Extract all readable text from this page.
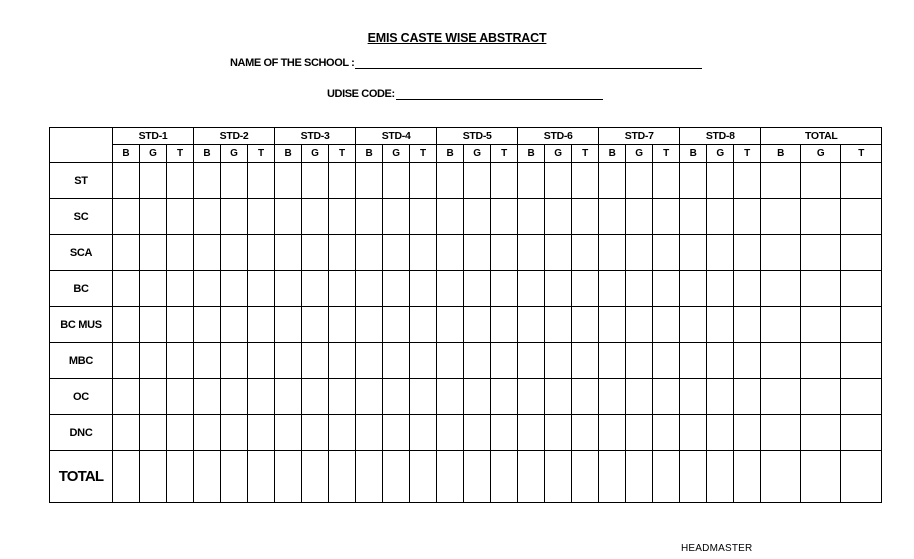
EMIS CASTE WISE ABSTRACT
NAME OF THE SCHOOL :
UDISE CODE:
	STD-1			STD-2			STD-3			STD-4			STD-5			STD-6			STD-7			STD-8			TOTAL		
	B	G	T	B	G	T	B	G	T	B	G	T	B	G	T	B	G	T	B	G	T	B	G	T	B	G	T
ST																											
SC																											
SCA																											
BC																											
BC MUS																											
MBC																											
OC																											
DNC																											
TOTAL																											
HEADMASTER
